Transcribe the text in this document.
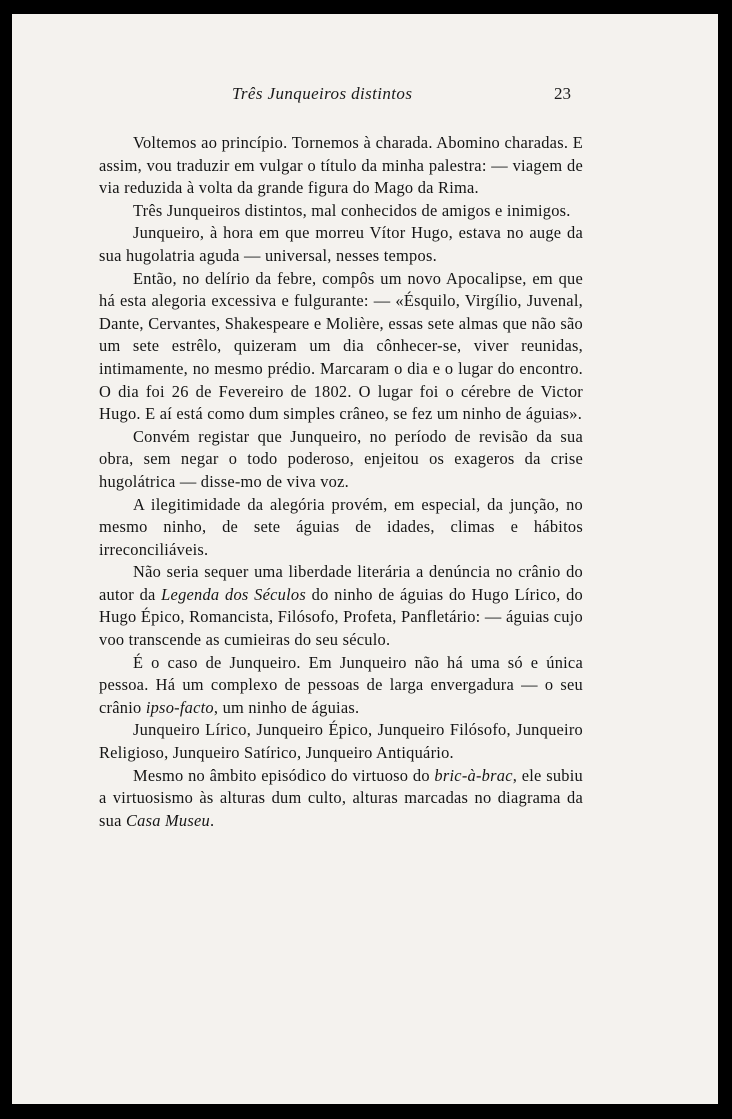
Três Junqueiros distintos	23

Voltemos ao princípio. Tornemos à charada. Abomino charadas. E assim, vou traduzir em vulgar o título da minha palestra: — viagem de via reduzida à volta da grande figura do Mago da Rima.

Três Junqueiros distintos, mal conhecidos de amigos e inimigos.

Junqueiro, à hora em que morreu Vítor Hugo, estava no auge da sua hugolatria aguda — universal, nesses tempos.

Então, no delírio da febre, compôs um novo Apocalipse, em que há esta alegoria excessiva e fulgurante: — «Ésquilo, Virgílio, Juvenal, Dante, Cervantes, Shakespeare e Molière, essas sete almas que não são um sete estrêlo, quizeram um dia cônhecer-se, viver reunidas, intimamente, no mesmo prédio. Marcaram o dia e o lugar do encontro. O dia foi 26 de Fevereiro de 1802. O lugar foi o cérebre de Victor Hugo. E aí está como dum simples crâneo, se fez um ninho de águias».

Convém registar que Junqueiro, no período de revisão da sua obra, sem negar o todo poderoso, enjeitou os exageros da crise hugolátrica — disse-mo de viva voz.

A ilegitimidade da alegória provém, em especial, da junção, no mesmo ninho, de sete águias de idades, climas e hábitos irreconciliáveis.

Não seria sequer uma liberdade literária a denúncia no crânio do autor da Legenda dos Séculos do ninho de águias do Hugo Lírico, do Hugo Épico, Romancista, Filósofo, Profeta, Panfletário: — águias cujo voo transcende as cumieiras do seu século.

É o caso de Junqueiro. Em Junqueiro não há uma só e única pessoa. Há um complexo de pessoas de larga envergadura — o seu crânio ipso-facto, um ninho de águias.

Junqueiro Lírico, Junqueiro Épico, Junqueiro Filósofo, Junqueiro Religioso, Junqueiro Satírico, Junqueiro Antiquário.

Mesmo no âmbito episódico do virtuoso do bric-à-brac, ele subiu a virtuosismo às alturas dum culto, alturas marcadas no diagrama da sua Casa Museu.
